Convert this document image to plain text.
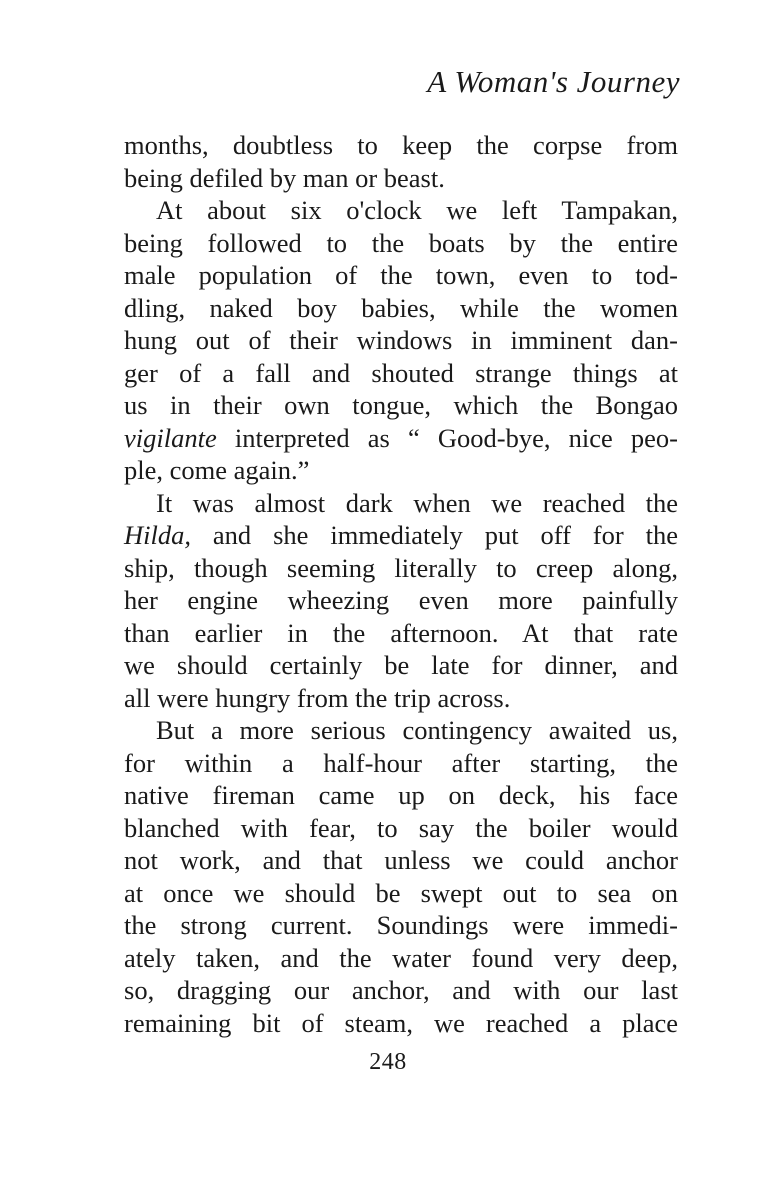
A Woman's Journey
months, doubtless to keep the corpse from
being defiled by man or beast.
At about six o'clock we left Tampakan,
being followed to the boats by the entire
male population of the town, even to tod-
dling, naked boy babies, while the women
hung out of their windows in imminent dan-
ger of a fall and shouted strange things at
us in their own tongue, which the Bongao
vigilante interpreted as “ Good-bye, nice peo-
ple, come again.”
It was almost dark when we reached the
Hilda, and she immediately put off for the
ship, though seeming literally to creep along,
her engine wheezing even more painfully
than earlier in the afternoon. At that rate
we should certainly be late for dinner, and
all were hungry from the trip across.
But a more serious contingency awaited us,
for within a half-hour after starting, the
native fireman came up on deck, his face
blanched with fear, to say the boiler would
not work, and that unless we could anchor
at once we should be swept out to sea on
the strong current. Soundings were immedi-
ately taken, and the water found very deep,
so, dragging our anchor, and with our last
remaining bit of steam, we reached a place
248
